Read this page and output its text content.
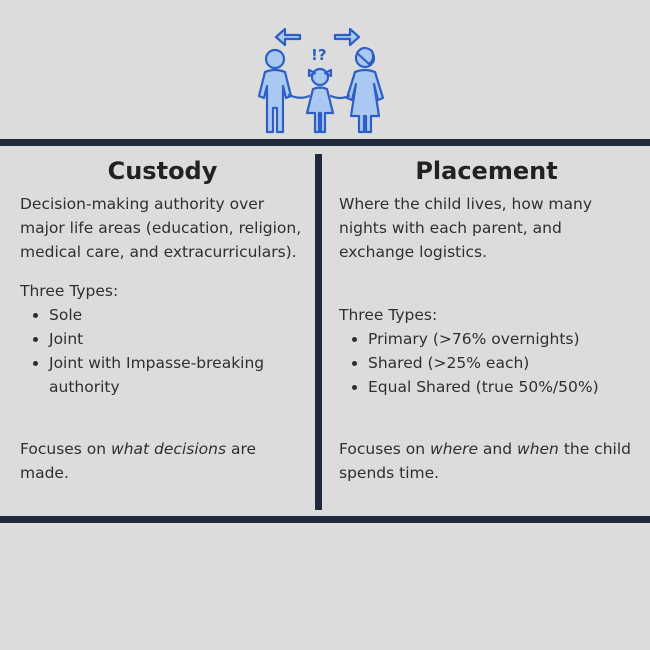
!?
Custody

Decision-making authority over major life areas (education, religion, medical care, and extracurriculars).

Three Types:

• Sole
• Joint
• Joint with Impasse-breaking authority

Focuses on what decisions are made.

Placement

Where the child lives, how many nights with each parent, and exchange logistics.

Three Types:

• Primary (>76% overnights)
• Shared (>25% each)
• Equal Shared (true 50%/50%)

Focuses on where and when the child spends time.
